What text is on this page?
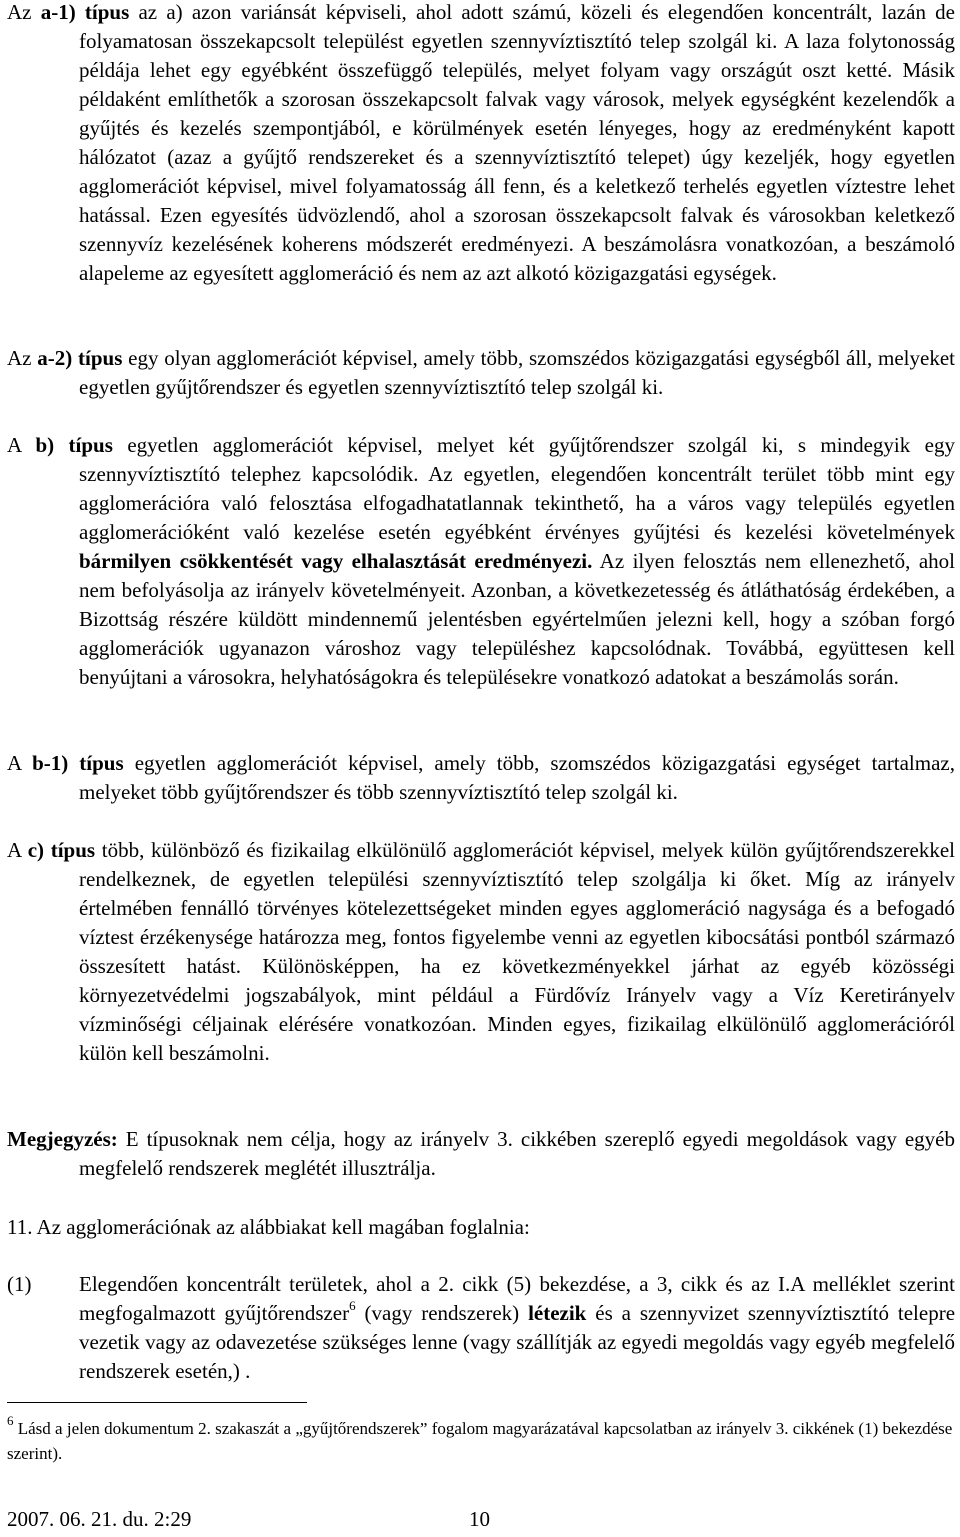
Az a-1) típus az a) azon variánsát képviseli, ahol adott számú, közeli és elegendően koncentrált, lazán de folyamatosan összekapcsolt települést egyetlen szennyvíztisztító telep szolgál ki. A laza folytonosság példája lehet egy egyébként összefüggő település, melyet folyam vagy országút oszt ketté. Másik példaként említhetők a szorosan összekapcsolt falvak vagy városok, melyek egységként kezelendők a gyűjtés és kezelés szempontjából, e körülmények esetén lényeges, hogy az eredményként kapott hálózatot (azaz a gyűjtő rendszereket és a szennyvíztisztító telepet) úgy kezeljék, hogy egyetlen agglomerációt képvisel, mivel folyamatosság áll fenn, és a keletkező terhelés egyetlen víztestre lehet hatással. Ezen egyesítés üdvözlendő, ahol a szorosan összekapcsolt falvak és városokban keletkező szennyvíz kezelésének koherens módszerét eredményezi. A beszámolásra vonatkozóan, a beszámoló alapeleme az egyesített agglomeráció és nem az azt alkotó közigazgatási egységek.
Az a-2) típus egy olyan agglomerációt képvisel, amely több, szomszédos közigazgatási egységből áll, melyeket egyetlen gyűjtőrendszer és egyetlen szennyvíztisztító telep szolgál ki.
A b) típus egyetlen agglomerációt képvisel, melyet két gyűjtőrendszer szolgál ki, s mindegyik egy szennyvíztisztító telephez kapcsolódik. Az egyetlen, elegendően koncentrált terület több mint egy agglomerációra való felosztása elfogadhatatlannak tekinthető, ha a város vagy település egyetlen agglomerációként való kezelése esetén egyébként érvényes gyűjtési és kezelési követelmények bármilyen csökkentését vagy elhalasztását eredményezi. Az ilyen felosztás nem ellenezhető, ahol nem befolyásolja az irányelv követelményeit. Azonban, a következetesség és átláthatóság érdekében, a Bizottság részére küldött mindennemű jelentésben egyértelműen jelezni kell, hogy a szóban forgó agglomerációk ugyanazon városhoz vagy településhez kapcsolódnak. Továbbá, együttesen kell benyújtani a városokra, helyhatóságokra és településekre vonatkozó adatokat a beszámolás során.
A b-1) típus egyetlen agglomerációt képvisel, amely több, szomszédos közigazgatási egységet tartalmaz, melyeket több gyűjtőrendszer és több szennyvíztisztító telep szolgál ki.
A c) típus több, különböző és fizikailag elkülönülő agglomerációt képvisel, melyek külön gyűjtőrendszerekkel rendelkeznek, de egyetlen települési szennyvíztisztító telep szolgálja ki őket. Míg az irányelv értelmében fennálló törvényes kötelezettségeket minden egyes agglomeráció nagysága és a befogadó víztest érzékenysége határozza meg, fontos figyelembe venni az egyetlen kibocsátási pontból származó összesített hatást. Különösképpen, ha ez következményekkel járhat az egyéb közösségi környezetvédelmi jogszabályok, mint például a Fürdővíz Irányelv vagy a Víz Keretirányelv vízminőségi céljainak elérésére vonatkozóan. Minden egyes, fizikailag elkülönülő agglomerációról külön kell beszámolni.
Megjegyzés: E típusoknak nem célja, hogy az irányelv 3. cikkében szereplő egyedi megoldások vagy egyéb megfelelő rendszerek meglétét illusztrálja.
11. Az agglomerációnak az alábbiakat kell magában foglalnia:
(1) Elegendően koncentrált területek, ahol a 2. cikk (5) bekezdése, a 3, cikk és az I.A melléklet szerint megfogalmazott gyűjtőrendszer$^6$ (vagy rendszerek) létezik és a szennyvizet szennyvíztisztító telepre vezetik vagy az odavezetése szükséges lenne (vagy szállítják az egyedi megoldás vagy egyéb megfelelő rendszerek esetén,) .
$^6$ Lásd a jelen dokumentum 2. szakaszát a „gyűjtőrendszerek” fogalom magyarázatával kapcsolatban az irányelv 3. cikkének (1) bekezdése szerint).
2007. 06. 21. du. 2:29	10
